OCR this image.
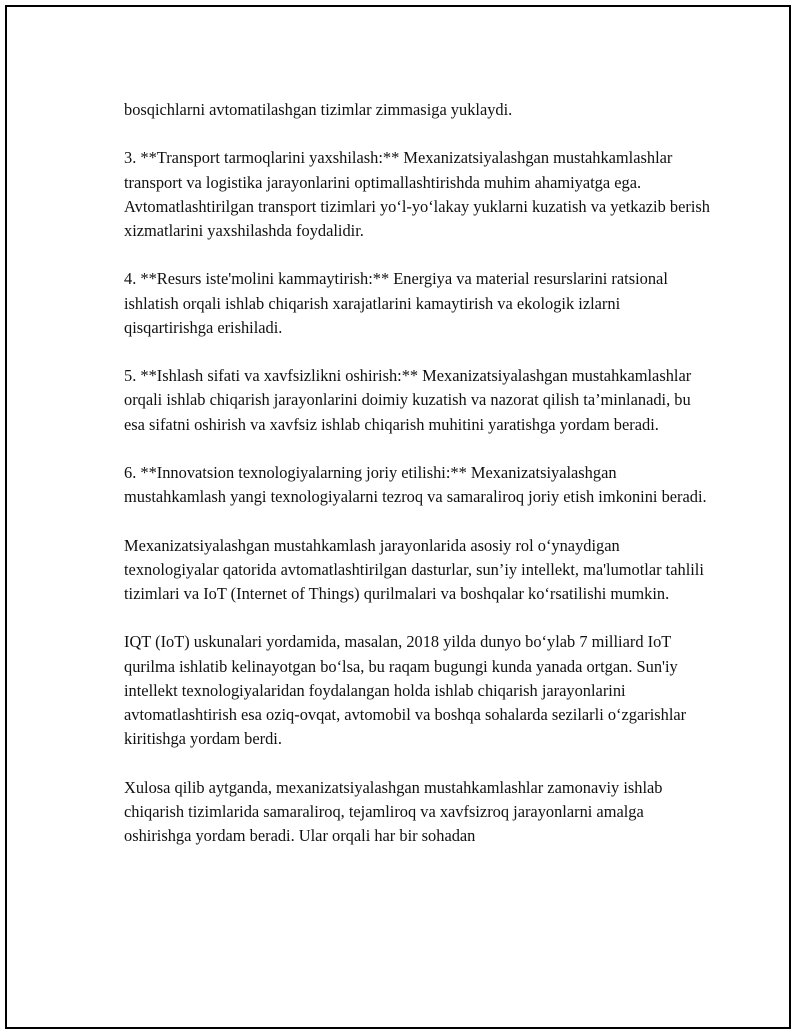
bosqichlarni avtomatilashgan tizimlar zimmasiga yuklaydi.

3. **Transport tarmoqlarini yaxshilash:** Mexanizatsiyalashgan mustahkamlashlar transport va logistika jarayonlarini optimallashtirishda muhim ahamiyatga ega. Avtomatlashtirilgan transport tizimlari yo‘l-yo‘lakay yuklarni kuzatish va yetkazib berish xizmatlarini yaxshilashda foydalidir.

4. **Resurs iste'molini kammaytirish:** Energiya va material resurslarini ratsional ishlatish orqali ishlab chiqarish xarajatlarini kamaytirish va ekologik izlarni qisqartirishga erishiladi.

5. **Ishlash sifati va xavfsizlikni oshirish:** Mexanizatsiyalashgan mustahkamlashlar orqali ishlab chiqarish jarayonlarini doimiy kuzatish va nazorat qilish ta’minlanadi, bu esa sifatni oshirish va xavfsiz ishlab chiqarish muhitini yaratishga yordam beradi.

6. **Innovatsion texnologiyalarning joriy etilishi:** Mexanizatsiyalashgan mustahkamlash yangi texnologiyalarni tezroq va samaraliroq joriy etish imkonini beradi.

Mexanizatsiyalashgan mustahkamlash jarayonlarida asosiy rol o‘ynaydigan texnologiyalar qatorida avtomatlashtirilgan dasturlar, sun’iy intellekt, ma'lumotlar tahlili tizimlari va IoT (Internet of Things) qurilmalari va boshqalar ko‘rsatilishi mumkin.

IQT (IoT) uskunalari yordamida, masalan, 2018 yilda dunyo bo‘ylab 7 milliard IoT qurilma ishlatib kelinayotgan bo‘lsa, bu raqam bugungi kunda yanada ortgan. Sun'iy intellekt texnologiyalaridan foydalangan holda ishlab chiqarish jarayonlarini avtomatlashtirish esa oziq-ovqat, avtomobil va boshqa sohalarda sezilarli o‘zgarishlar kiritishga yordam berdi.

Xulosa qilib aytganda, mexanizatsiyalashgan mustahkamlashlar zamonaviy ishlab chiqarish tizimlarida samaraliroq, tejamliroq va xavfsizroq jarayonlarni amalga oshirishga yordam beradi. Ular orqali har bir sohadan
